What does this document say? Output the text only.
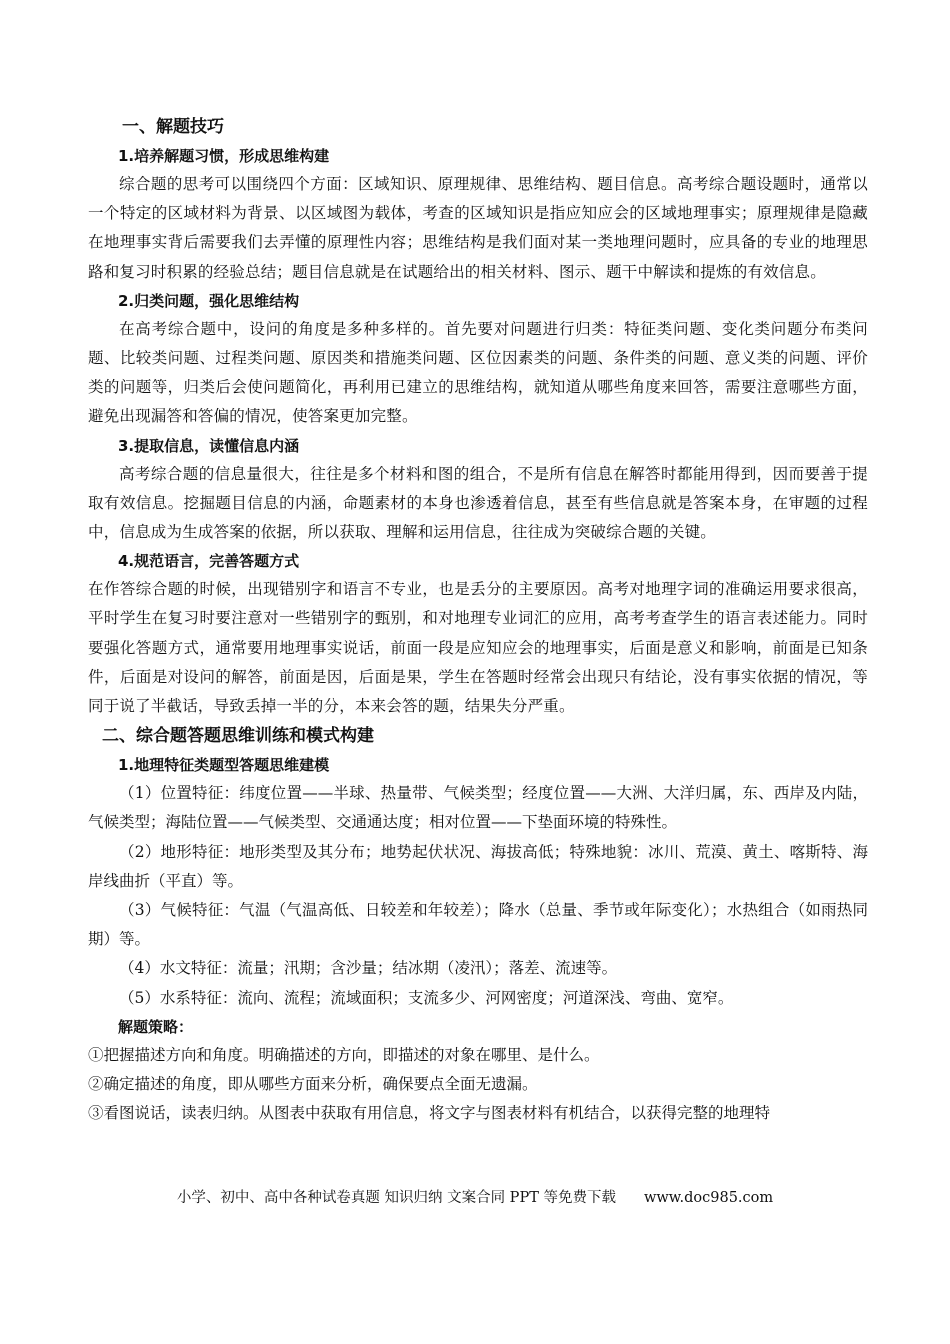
一、解题技巧
1.培养解题习惯，形成思维构建

综合题的思考可以围绕四个方面：区域知识、原理规律、思维结构、题目信息。高考综合题设题时，通常以一个特定的区域材料为背景、以区域图为载体，考查的区域知识是指应知应会的区域地理事实；原理规律是隐藏在地理事实背后需要我们去弄懂的原理性内容；思维结构是我们面对某一类地理问题时，应具备的专业的地理思路和复习时积累的经验总结；题目信息就是在试题给出的相关材料、图示、题干中解读和提炼的有效信息。

2.归类问题，强化思维结构

在高考综合题中，设问的角度是多种多样的。首先要对问题进行归类：特征类问题、变化类问题分布类问题、比较类问题、过程类问题、原因类和措施类问题、区位因素类的问题、条件类的问题、意义类的问题、评价类的问题等，归类后会使问题简化，再利用已建立的思维结构，就知道从哪些角度来回答，需要注意哪些方面，避免出现漏答和答偏的情况，使答案更加完整。

3.提取信息，读懂信息内涵

高考综合题的信息量很大，往往是多个材料和图的组合，不是所有信息在解答时都能用得到，因而要善于提取有效信息。挖掘题目信息的内涵，命题素材的本身也渗透着信息，甚至有些信息就是答案本身，在审题的过程中，信息成为生成答案的依据，所以获取、理解和运用信息，往往成为突破综合题的关键。

4.规范语言，完善答题方式

在作答综合题的时候，出现错别字和语言不专业，也是丢分的主要原因。高考对地理字词的准确运用要求很高，平时学生在复习时要注意对一些错别字的甄别，和对地理专业词汇的应用，高考考查学生的语言表述能力。同时要强化答题方式，通常要用地理事实说话，前面一段是应知应会的地理事实，后面是意义和影响，前面是已知条件，后面是对设问的解答，前面是因，后面是果，学生在答题时经常会出现只有结论，没有事实依据的情况，等同于说了半截话，导致丢掉一半的分，本来会答的题，结果失分严重。

二、综合题答题思维训练和模式构建
1.地理特征类题型答题思维建模

（1）位置特征：纬度位置——半球、热量带、气候类型；经度位置——大洲、大洋归属，东、西岸及内陆，气候类型；海陆位置——气候类型、交通通达度；相对位置——下垫面环境的特殊性。

（2）地形特征：地形类型及其分布；地势起伏状况、海拔高低；特殊地貌：冰川、荒漠、黄土、喀斯特、海岸线曲折（平直）等。

（3）气候特征：气温（气温高低、日较差和年较差）；降水（总量、季节或年际变化）；水热组合（如雨热同期）等。

（4）水文特征：流量；汛期；含沙量；结冰期（凌汛）；落差、流速等。

（5）水系特征：流向、流程；流域面积；支流多少、河网密度；河道深浅、弯曲、宽窄。

解题策略：

①把握描述方向和角度。明确描述的方向，即描述的对象在哪里、是什么。

②确定描述的角度，即从哪些方面来分析，确保要点全面无遗漏。

③看图说话，读表归纳。从图表中获取有用信息，将文字与图表材料有机结合，以获得完整的地理特

小学、初中、高中各种试卷真题 知识归纳 文案合同 PPT 等免费下载 www.doc985.com
